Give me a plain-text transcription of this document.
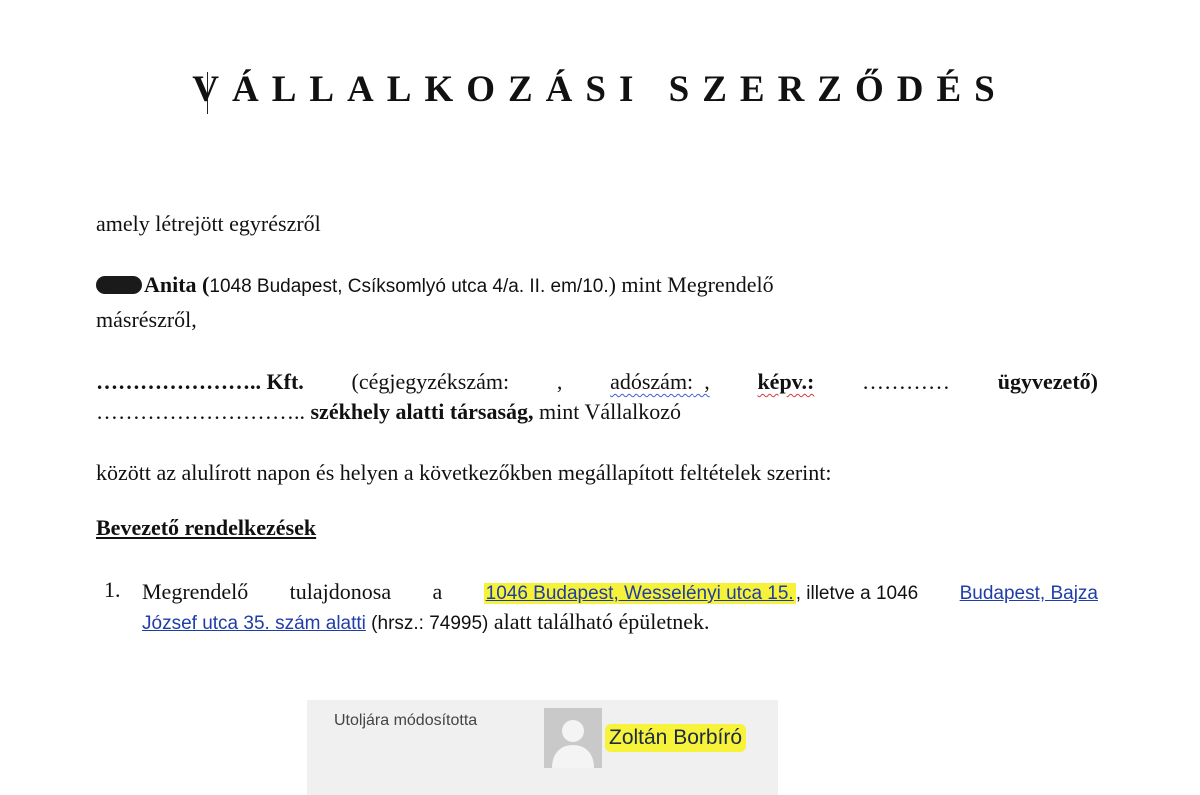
VÁLLALKOZÁSI SZERZŐDÉS
amely létrejött egyrészről
Anita (1048 Budapest, Csíksomlyó utca 4/a. II. em/10.) mint Megrendelő
másrészről,
………………….. Kft. (cégjegyzékszám: , adószám:  , képv.: ………… ügyvezető)
……………………….. székhely alatti társaság, mint Vállalkozó
között az alulírott napon és helyen a következőkben megállapított feltételek szerint:
Bevezető rendelkezések
1. Megrendelő tulajdonosa a 1046 Budapest, Wesselényi utca 15. , illetve a 1046 Budapest, Bajza
József utca 35. szám alatti (hrsz.: 74995) alatt található épületnek.
Utoljára módosította
Zoltán Borbíró
